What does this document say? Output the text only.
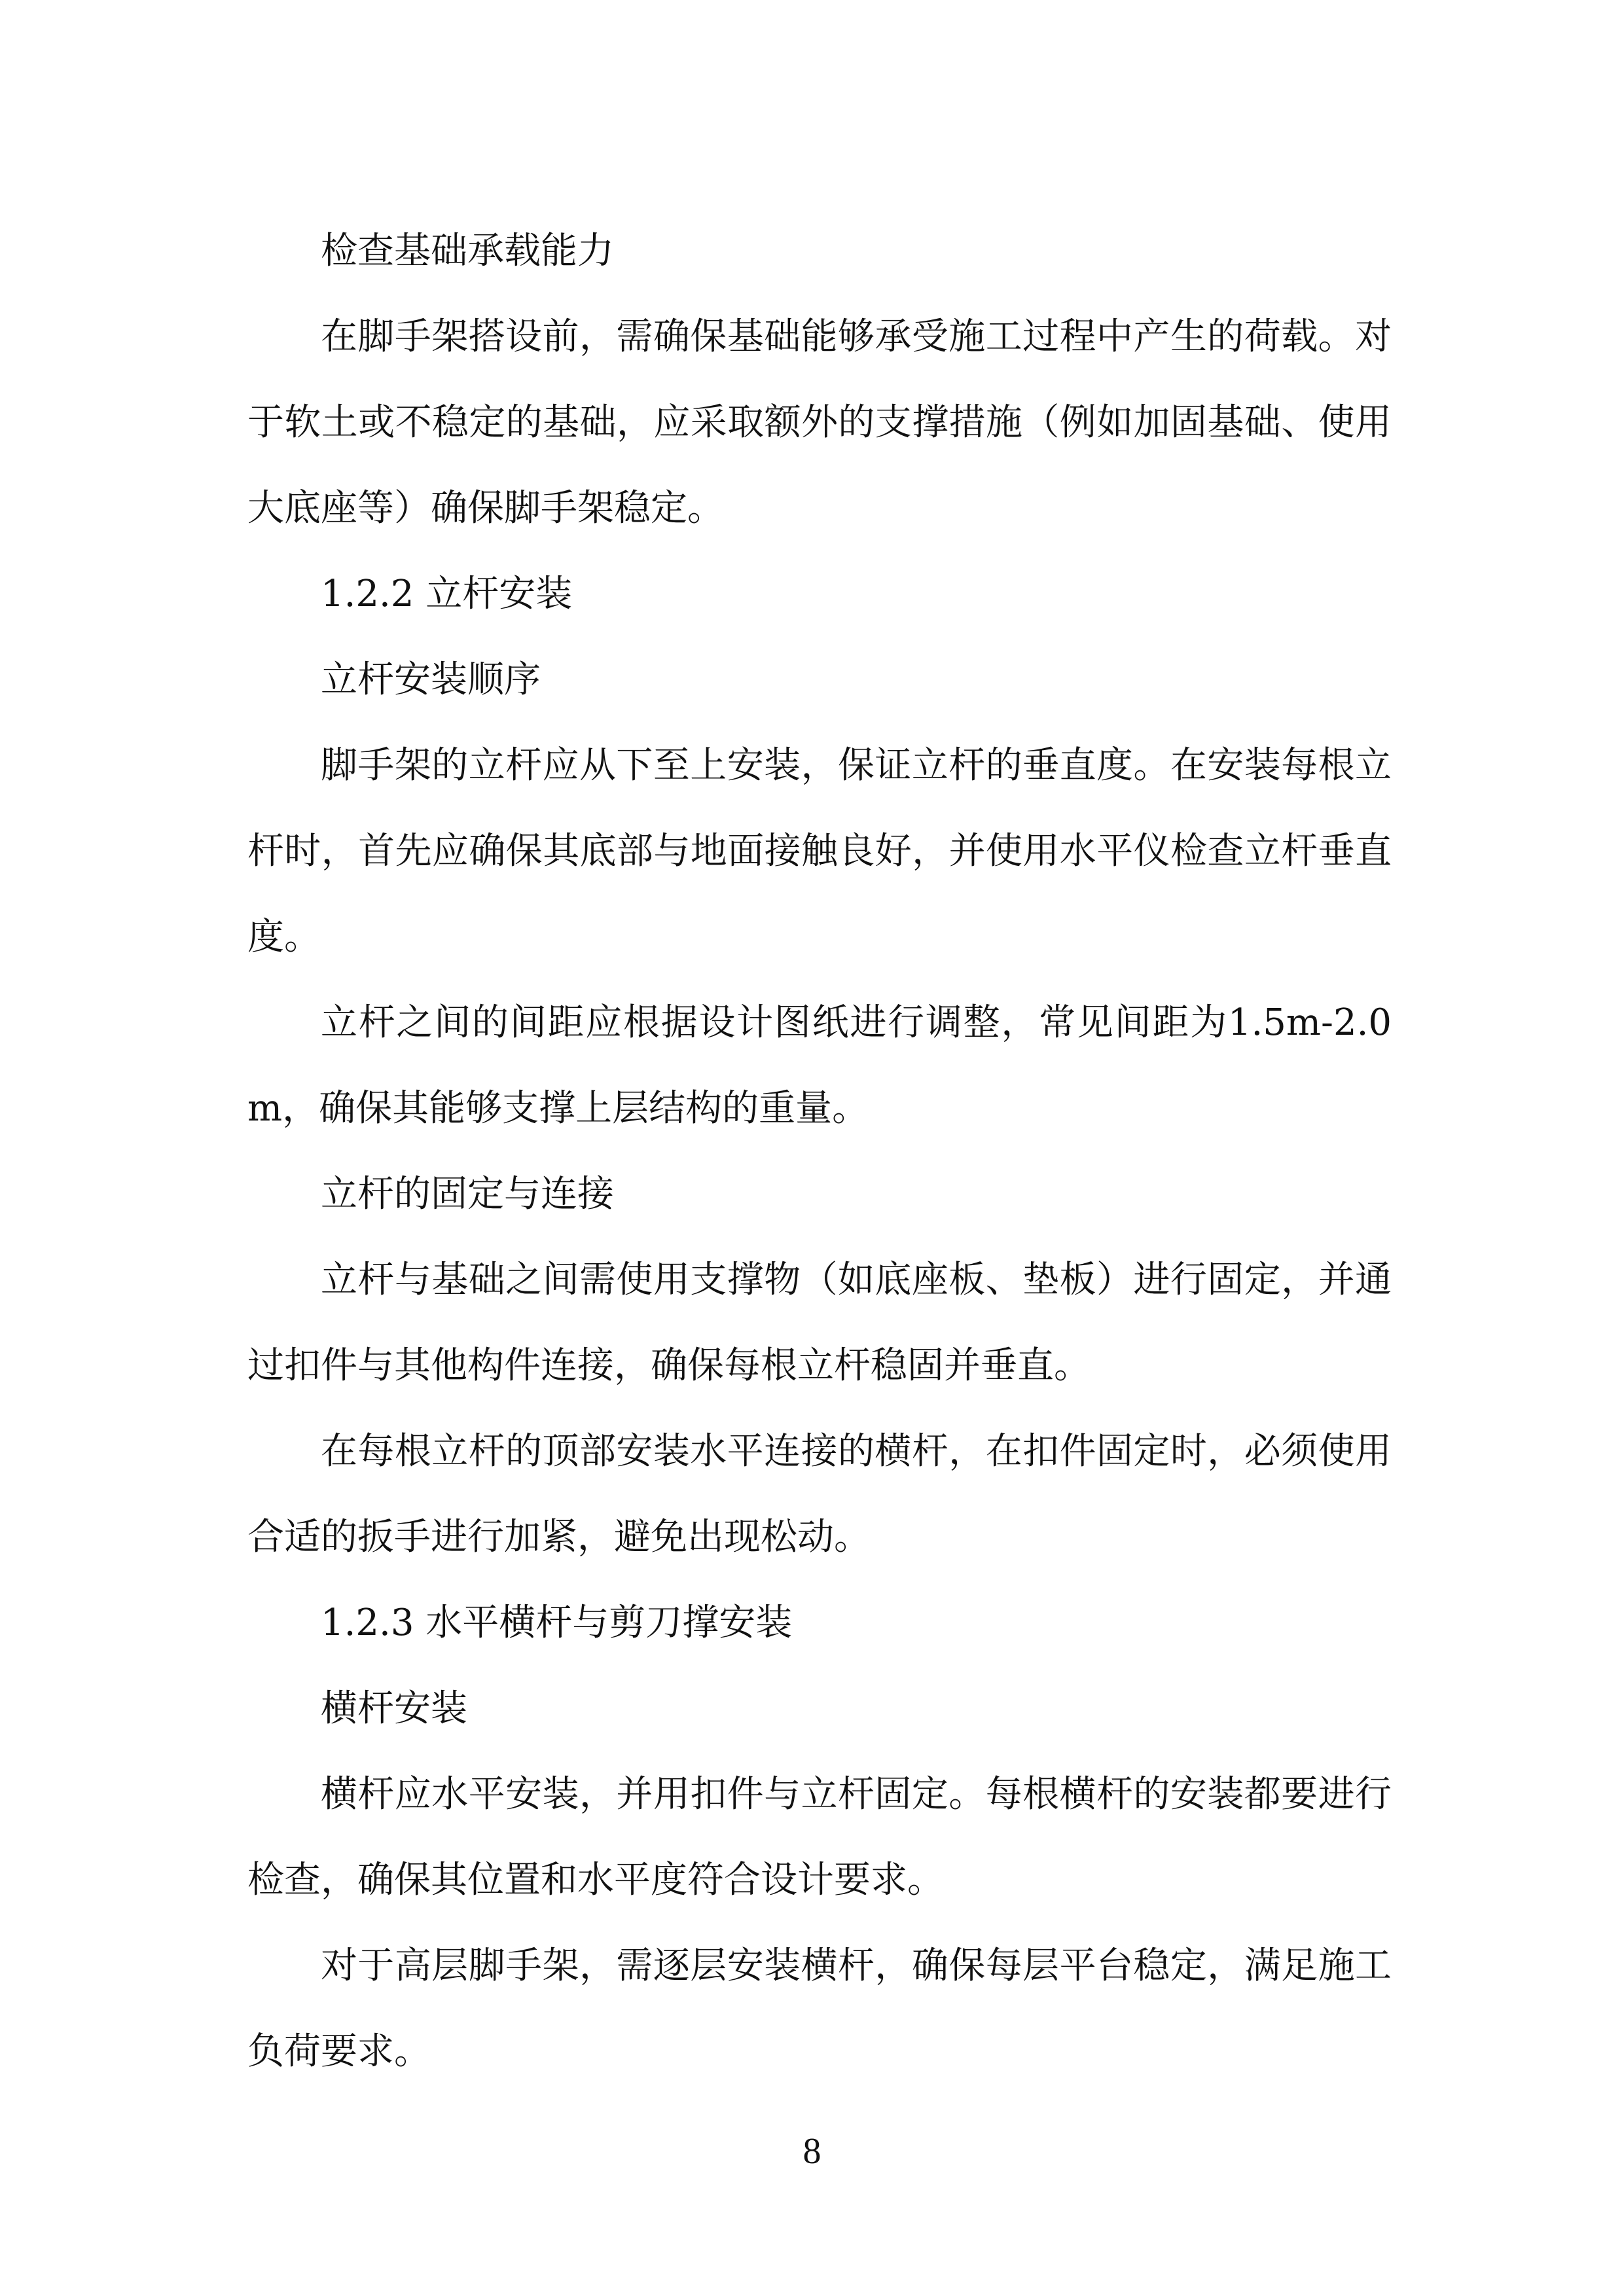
检查基础承载能力

在脚手架搭设前，需确保基础能够承受施工过程中产生的荷载。对于软土或不稳定的基础，应采取额外的支撑措施（例如加固基础、使用大底座等）确保脚手架稳定。

1.2.2 立杆安装

立杆安装顺序

脚手架的立杆应从下至上安装，保证立杆的垂直度。在安装每根立杆时，首先应确保其底部与地面接触良好，并使用水平仪检查立杆垂直度。

立杆之间的间距应根据设计图纸进行调整，常见间距为1.5m-2.0m，确保其能够支撑上层结构的重量。

立杆的固定与连接

立杆与基础之间需使用支撑物（如底座板、垫板）进行固定，并通过扣件与其他构件连接，确保每根立杆稳固并垂直。

在每根立杆的顶部安装水平连接的横杆，在扣件固定时，必须使用合适的扳手进行加紧，避免出现松动。

1.2.3 水平横杆与剪刀撑安装

横杆安装

横杆应水平安装，并用扣件与立杆固定。每根横杆的安装都要进行检查，确保其位置和水平度符合设计要求。

对于高层脚手架，需逐层安装横杆，确保每层平台稳定，满足施工负荷要求。

8
